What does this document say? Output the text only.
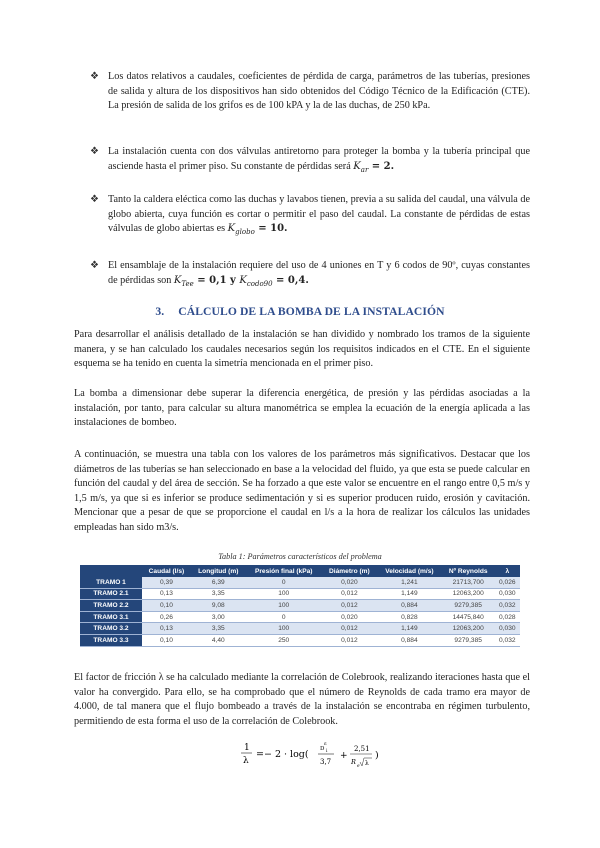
❖ Los datos relativos a caudales, coeficientes de pérdida de carga, parámetros de las tuberías, presiones de salida y altura de los dispositivos han sido obtenidos del Código Técnico de la Edificación (CTE). La presión de salida de los grifos es de 100 kPA y la de las duchas, de 250 kPa.
❖ La instalación cuenta con dos válvulas antiretorno para proteger la bomba y la tubería principal que asciende hasta el primer piso. Su constante de pérdidas será $K_{ar} = 2$.
❖ Tanto la caldera eléctica como las duchas y lavabos tienen, previa a su salida del caudal, una válvula de globo abierta, cuya función es cortar o permitir el paso del caudal. La constante de pérdidas de estas válvulas de globo abiertas es $K_{globo} = 10$.
❖ El ensamblaje de la instalación requiere del uso de 4 uniones en T y 6 codos de 90º, cuyas constantes de pérdidas son $K_{Tee} = 0,1$ y $K_{codo90} = 0,4$.
3. CÁLCULO DE LA BOMBA DE LA INSTALACIÓN
Para desarrollar el análisis detallado de la instalación se han dividido y nombrado los tramos de la siguiente manera, y se han calculado los caudales necesarios según los requisitos indicados en el CTE. En el siguiente esquema se ha tenido en cuenta la simetría mencionada en el primer piso.
La bomba a dimensionar debe superar la diferencia energética, de presión y las pérdidas asociadas a la instalación, por tanto, para calcular su altura manométrica se emplea la ecuación de la energía aplicada a las instalaciones de bombeo.
A continuación, se muestra una tabla con los valores de los parámetros más significativos. Destacar que los diámetros de las tuberías se han seleccionado en base a la velocidad del fluido, ya que esta se puede calcular en función del caudal y del área de sección. Se ha forzado a que este valor se encuentre en el rango entre 0,5 m/s y 1,5 m/s, ya que si es inferior se produce sedimentación y si es superior producen ruido, erosión y cavitación. Mencionar que a pesar de que se proporcione el caudal en l/s a la hora de realizar los cálculos las unidades empleadas han sido m3/s.
Tabla 1: Parámetros característicos del problema
	Caudal (l/s)	Longitud (m)	Presión final (kPa)	Diámetro (m)	Velocidad (m/s)	Nº Reynolds	λ
TRAMO 1	0,39	6,39	0	0,020	1,241	21713,700	0,026
TRAMO 2.1	0,13	3,35	100	0,012	1,149	12063,200	0,030
TRAMO 2.2	0,10	9,08	100	0,012	0,884	9279,385	0,032
TRAMO 3.1	0,26	3,00	0	0,020	0,828	14475,840	0,028
TRAMO 3.2	0,13	3,35	100	0,012	1,149	12063,200	0,030
TRAMO 3.3	0,10	4,40	250	0,012	0,884	9279,385	0,032
El factor de fricción λ se ha calculado mediante la correlación de Colebrook, realizando iteraciones hasta que el valor ha convergido. Para ello, se ha comprobado que el número de Reynolds de cada tramo era mayor de 4.000, de tal manera que el flujo bombeado a través de la instalación se encontraba en régimen turbulento, permitiendo de esta forma el uso de la correlación de Colebrook.
1
λ
=− 2 · log(
ε
D i
3,7
+
2,51
R
e λ
)
